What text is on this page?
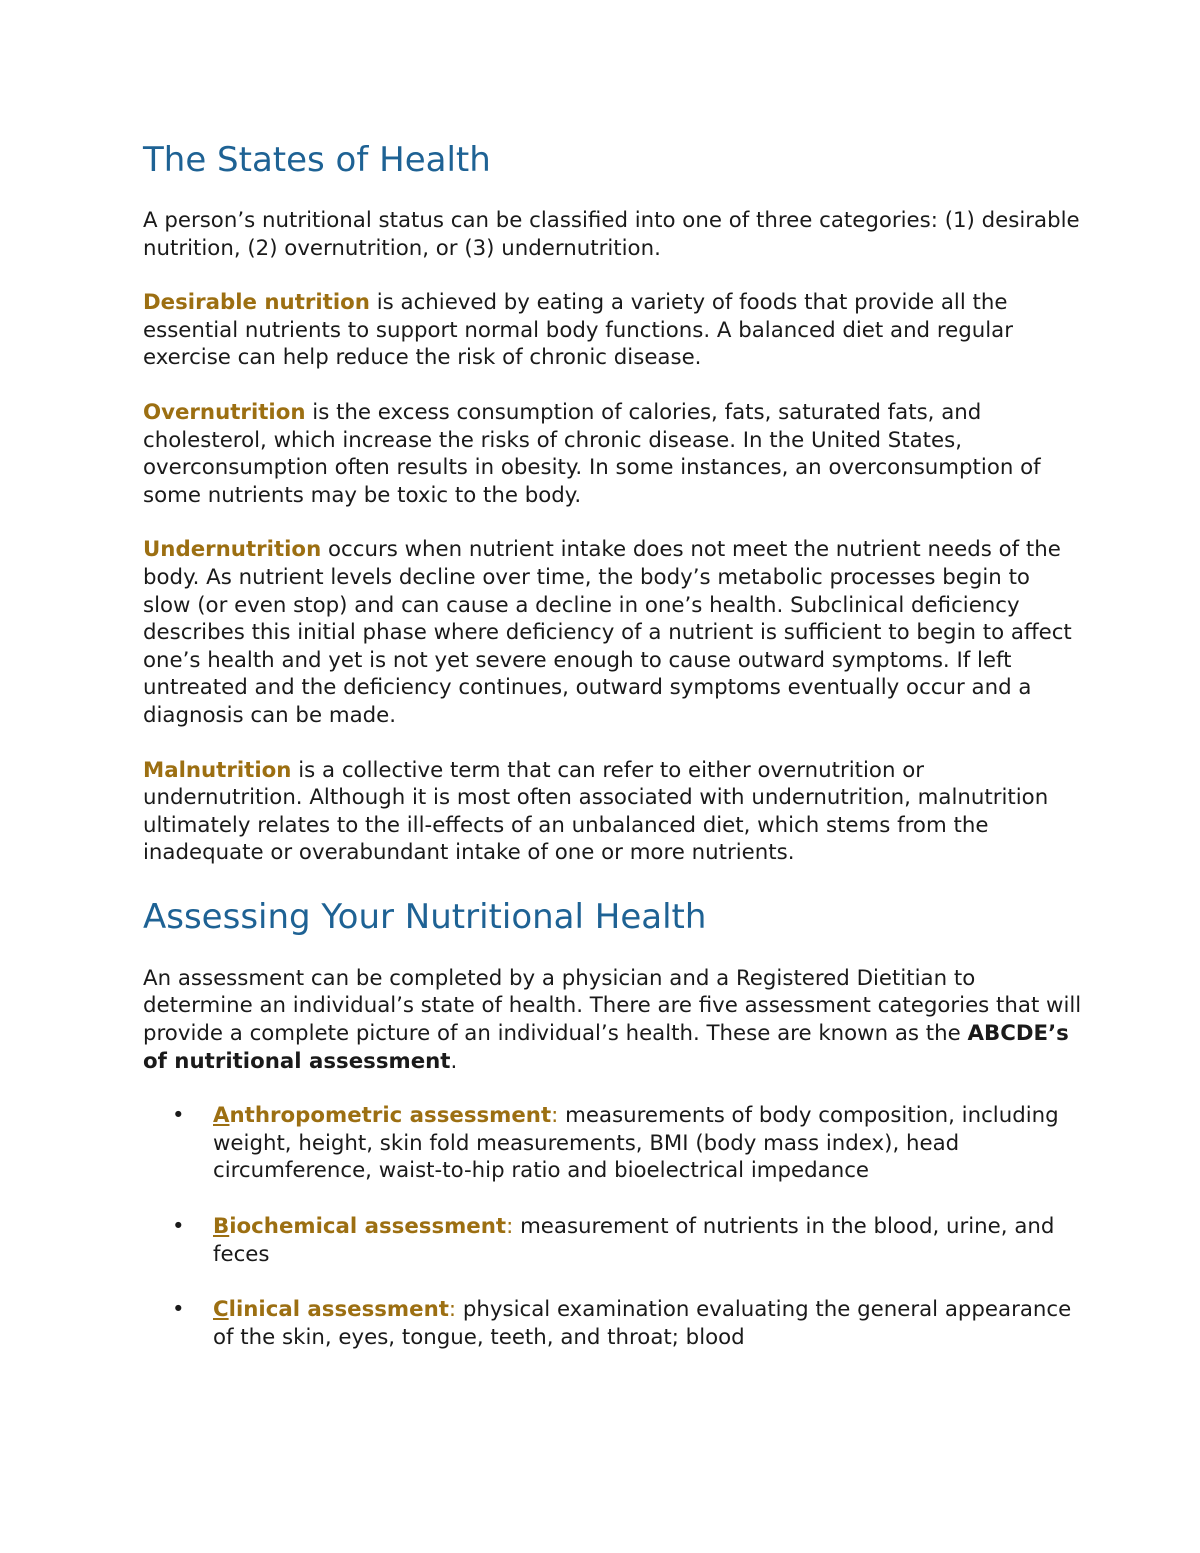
The States of Health

A person’s nutritional status can be classified into one of three categories: (1) desirable nutrition, (2) overnutrition, or (3) undernutrition.

Desirable nutrition is achieved by eating a variety of foods that provide all the essential nutrients to support normal body functions. A balanced diet and regular exercise can help reduce the risk of chronic disease.

Overnutrition is the excess consumption of calories, fats, saturated fats, and cholesterol, which increase the risks of chronic disease. In the United States, overconsumption often results in obesity. In some instances, an overconsumption of some nutrients may be toxic to the body.

Undernutrition occurs when nutrient intake does not meet the nutrient needs of the body. As nutrient levels decline over time, the body’s metabolic processes begin to slow (or even stop) and can cause a decline in one’s health. Subclinical deficiency describes this initial phase where deficiency of a nutrient is sufficient to begin to affect one’s health and yet is not yet severe enough to cause outward symptoms. If left untreated and the deficiency continues, outward symptoms eventually occur and a diagnosis can be made.

Malnutrition is a collective term that can refer to either overnutrition or undernutrition. Although it is most often associated with undernutrition, malnutrition ultimately relates to the ill-effects of an unbalanced diet, which stems from the inadequate or overabundant intake of one or more nutrients.

Assessing Your Nutritional Health

An assessment can be completed by a physician and a Registered Dietitian to determine an individual’s state of health. There are five assessment categories that will provide a complete picture of an individual’s health. These are known as the ABCDE’s of nutritional assessment.

• Anthropometric assessment: measurements of body composition, including weight, height, skin fold measurements, BMI (body mass index), head circumference, waist-to-hip ratio and bioelectrical impedance
• Biochemical assessment: measurement of nutrients in the blood, urine, and feces
• Clinical assessment: physical examination evaluating the general appearance of the skin, eyes, tongue, teeth, and throat; blood
